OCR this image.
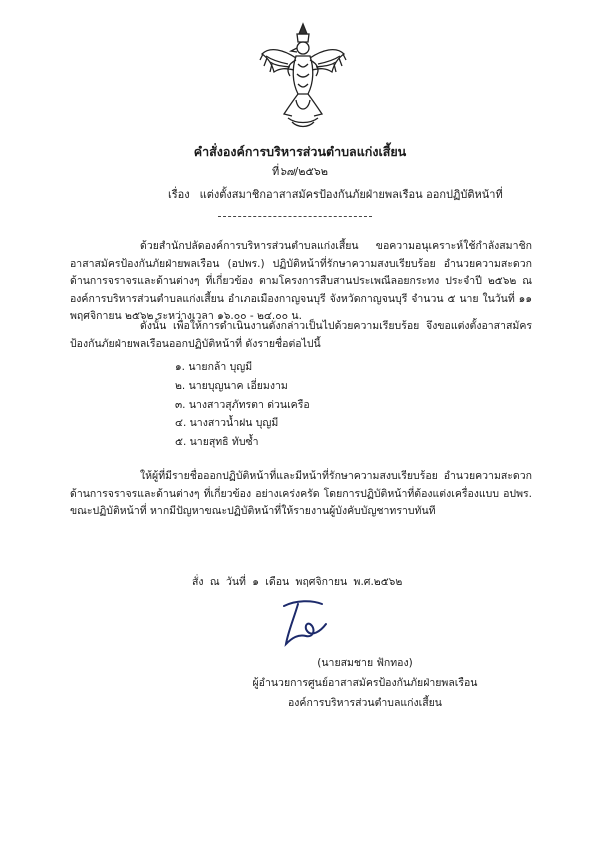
คำสั่งองค์การบริหารส่วนตำบลแก่งเสี้ยน
ที่๖๗/๒๕๖๒
เรื่อง แต่งตั้งสมาชิกอาสาสมัครป้องกันภัยฝ่ายพลเรือน ออกปฏิบัติหน้าที่
ด้วยสำนักปลัดองค์การบริหารส่วนตำบลแก่งเสี้ยน ขอความอนุเคราะห์ใช้กำลังสมาชิกอาสาสมัครป้องกันภัยฝ่ายพลเรือน (อปพร.) ปฏิบัติหน้าที่รักษาความสงบเรียบร้อย อำนวยความสะดวกด้านการจราจรและด้านต่างๆ ที่เกี่ยวข้อง ตามโครงการสืบสานประเพณีลอยกระทง ประจำปี ๒๕๖๒ ณ องค์การบริหารส่วนตำบลแก่งเสี้ยน อำเภอเมืองกาญจนบุรี จังหวัดกาญจนบุรี จำนวน ๕ นาย ในวันที่ ๑๑ พฤศจิกายน ๒๕๖๒ ระหว่างเวลา ๑๖.๐๐ - ๒๔.๐๐ น.
ดังนั้น เพื่อให้การดำเนินงานดังกล่าวเป็นไปด้วยความเรียบร้อย จึงขอแต่งตั้งอาสาสมัครป้องกันภัยฝ่ายพลเรือนออกปฏิบัติหน้าที่ ดังรายชื่อต่อไปนี้
๑. นายกล้า บุญมี
๒. นายบุญนาค เอี่ยมงาม
๓. นางสาวสุภัทรตา ด่วนเครือ
๔. นางสาวน้ำฝน บุญมี
๕. นายสุทธิ ทับซ้ำ
ให้ผู้ที่มีรายชื่อออกปฏิบัติหน้าที่และมีหน้าที่รักษาความสงบเรียบร้อย อำนวยความสะดวกด้านการจราจรและด้านต่างๆ ที่เกี่ยวข้อง อย่างเคร่งครัด โดยการปฏิบัติหน้าที่ต้องแต่งเครื่องแบบ อปพร. ขณะปฏิบัติหน้าที่ หากมีปัญหาขณะปฏิบัติหน้าที่ให้รายงานผู้บังคับบัญชาทราบทันที
สั่ง ณ วันที่ ๑ เดือน พฤศจิกายน พ.ศ.๒๕๖๒
(นายสมชาย ฟักทอง)
ผู้อำนวยการศูนย์อาสาสมัครป้องกันภัยฝ่ายพลเรือน
องค์การบริหารส่วนตำบลแก่งเสี้ยน
